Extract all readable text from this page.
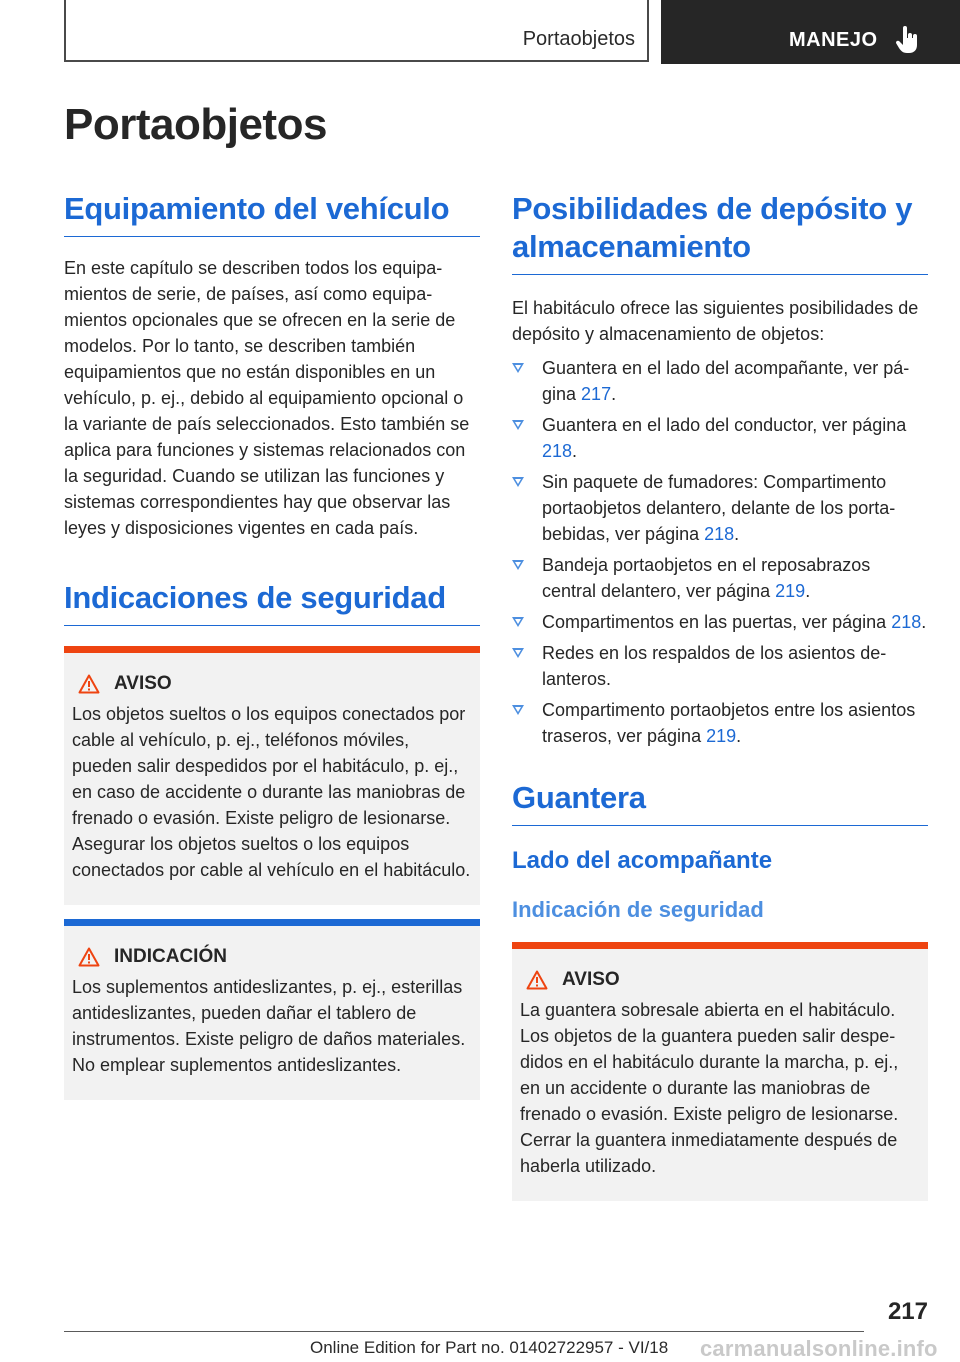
Portaobjetos	MANEJO
Portaobjetos
Equipamiento del vehículo

En este capítulo se describen todos los equipamientos de serie, de países, así como equipamientos opcionales que se ofrecen en la serie de modelos. Por lo tanto, se describen también equipamientos que no están disponibles en un vehículo, p. ej., debido al equipamiento opcional o la variante de país seleccionados. Esto también se aplica para funciones y sistemas relacionados con la seguridad. Cuando se utilizan las funciones y sistemas correspondientes hay que observar las leyes y disposiciones vigentes en cada país.

Indicaciones de seguridad
AVISO

Los objetos sueltos o los equipos conectados por cable al vehículo, p. ej., teléfonos móviles, pueden salir despedidos por el habitáculo, p. ej., en caso de accidente o durante las maniobras de frenado o evasión. Existe peligro de lesionarse. Asegurar los objetos sueltos o los equipos conectados por cable al vehículo en el habitáculo.

INDICACIÓN

Los suplementos antideslizantes, p. ej., esterillas antideslizantes, pueden dañar el tablero de instrumentos. Existe peligro de daños materiales. No emplear suplementos antideslizantes.

Posibilidades de depósito y almacenamiento

El habitáculo ofrece las siguientes posibilidades de depósito y almacenamiento de objetos:

Guantera en el lado del acompañante, ver página 217.
Guantera en el lado del conductor, ver página 218.
Sin paquete de fumadores: Compartimento portaobjetos delantero, delante de los portabebidas, ver página 218.
Bandeja portaobjetos en el reposabrazos central delantero, ver página 219.
Compartimentos en las puertas, ver página 218.
Redes en los respaldos de los asientos delanteros.
Compartimento portaobjetos entre los asientos traseros, ver página 219.
Guantera
Lado del acompañante
Indicación de seguridad
AVISO

La guantera sobresale abierta en el habitáculo. Los objetos de la guantera pueden salir despedidos en el habitáculo durante la marcha, p. ej., en un accidente o durante las maniobras de frenado o evasión. Existe peligro de lesionarse. Cerrar la guantera inmediatamente después de haberla utilizado.

217
Online Edition for Part no. 01402722957 - VI/18 carmanualsonline.info
